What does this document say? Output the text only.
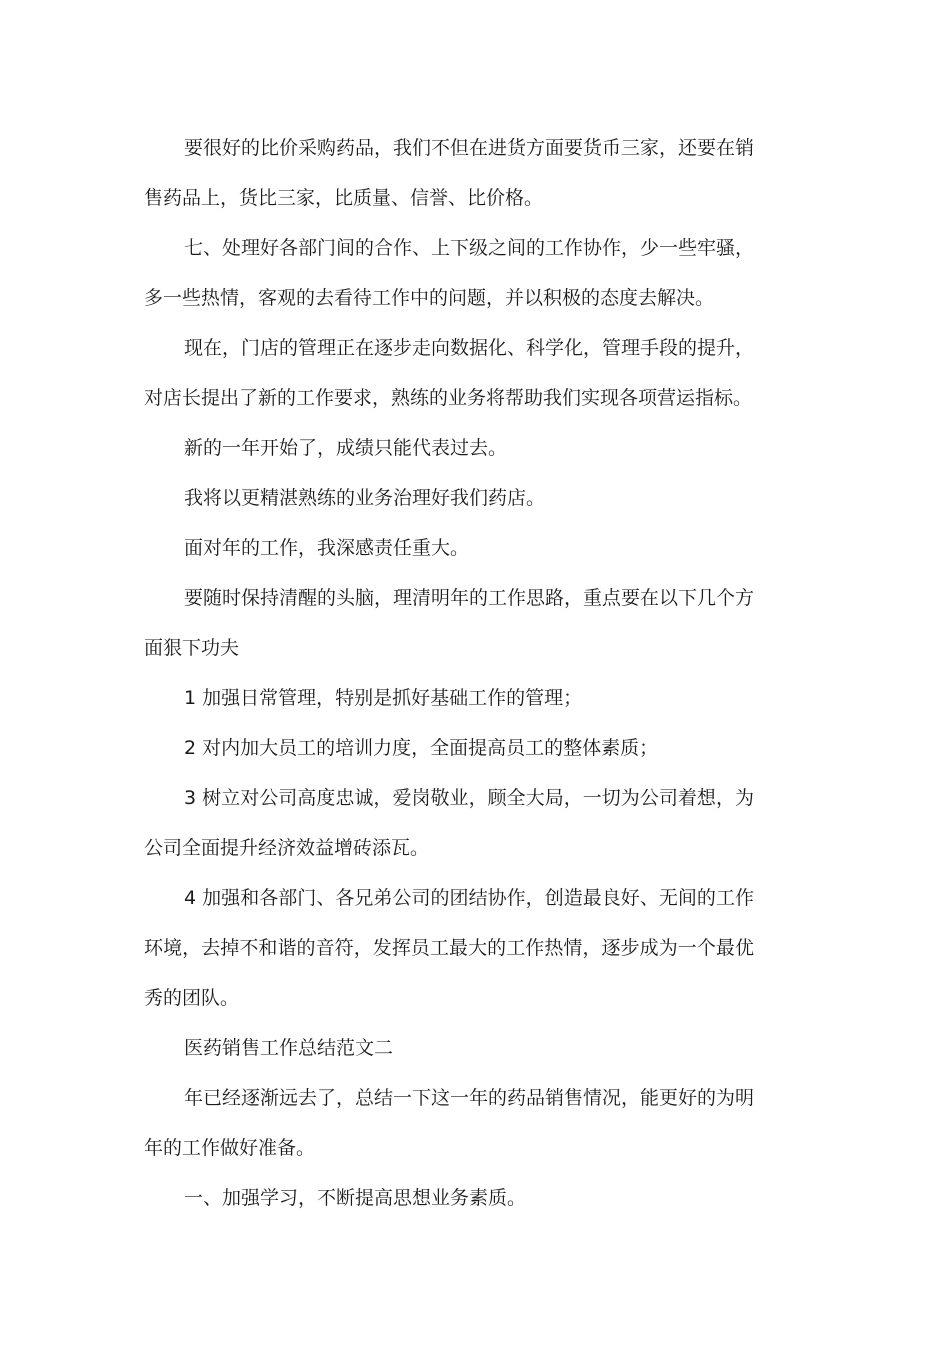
要很好的比价采购药品，我们不但在进货方面要货币三家，还要在销售药品上，货比三家，比质量、信誉、比价格。

七、处理好各部门间的合作、上下级之间的工作协作，少一些牢骚，多一些热情，客观的去看待工作中的问题，并以积极的态度去解决。

现在，门店的管理正在逐步走向数据化、科学化，管理手段的提升，对店长提出了新的工作要求，熟练的业务将帮助我们实现各项营运指标。

新的一年开始了，成绩只能代表过去。

我将以更精湛熟练的业务治理好我们药店。

面对年的工作，我深感责任重大。

要随时保持清醒的头脑，理清明年的工作思路，重点要在以下几个方面狠下功夫

1 加强日常管理，特别是抓好基础工作的管理；

2 对内加大员工的培训力度，全面提高员工的整体素质；

3 树立对公司高度忠诚，爱岗敬业，顾全大局，一切为公司着想，为公司全面提升经济效益增砖添瓦。

4 加强和各部门、各兄弟公司的团结协作，创造最良好、无间的工作环境，去掉不和谐的音符，发挥员工最大的工作热情，逐步成为一个最优秀的团队。

医药销售工作总结范文二

年已经逐渐远去了，总结一下这一年的药品销售情况，能更好的为明年的工作做好准备。

一、加强学习，不断提高思想业务素质。
